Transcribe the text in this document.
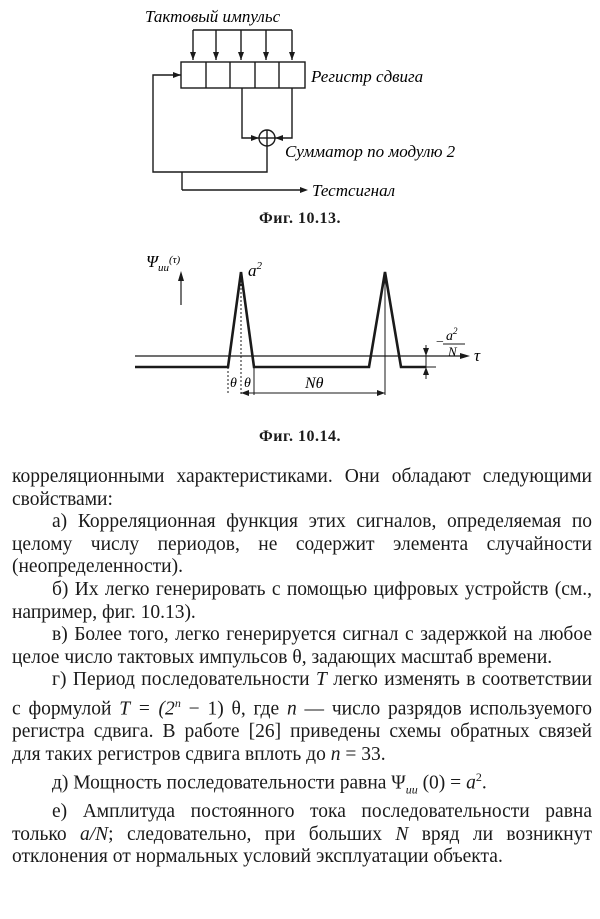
Тактовый импульс
Регистр сдвига
Сумматор по модулю 2
Тестсигнал
Фиг. 10.13.
$\Psi_{uu}^{(\tau)}$
$a^2$
$a^2$
N
−
τ
θ θ	Nθ
Фиг. 10.14.

корреляционными характеристиками. Они обладают следующими свойствами:

а) Корреляционная функция этих сигналов, определяемая по целому числу периодов, не содержит элемента случайности (неопределенности).

б) Их легко генерировать с помощью цифровых устройств (см., например, фиг. 10.13).

в) Более того, легко генерируется сигнал с задержкой на любое целое число тактовых импульсов θ, задающих масштаб времени.

г) Период последовательности T легко изменять в соответствии с формулой $T = (2^n - 1)$ θ, где n — число разрядов используемого регистра сдвига. В работе [26] приведены схемы обратных связей для таких регистров сдвига вплоть до n = 33.

д) Мощность последовательности равна $\Psi_{uu}$ $(0) = a^2$.

е) Амплитуда постоянного тока последовательности равна только a/N; следовательно, при больших N вряд ли возникнут отклонения от нормальных условий эксплуатации объекта.
